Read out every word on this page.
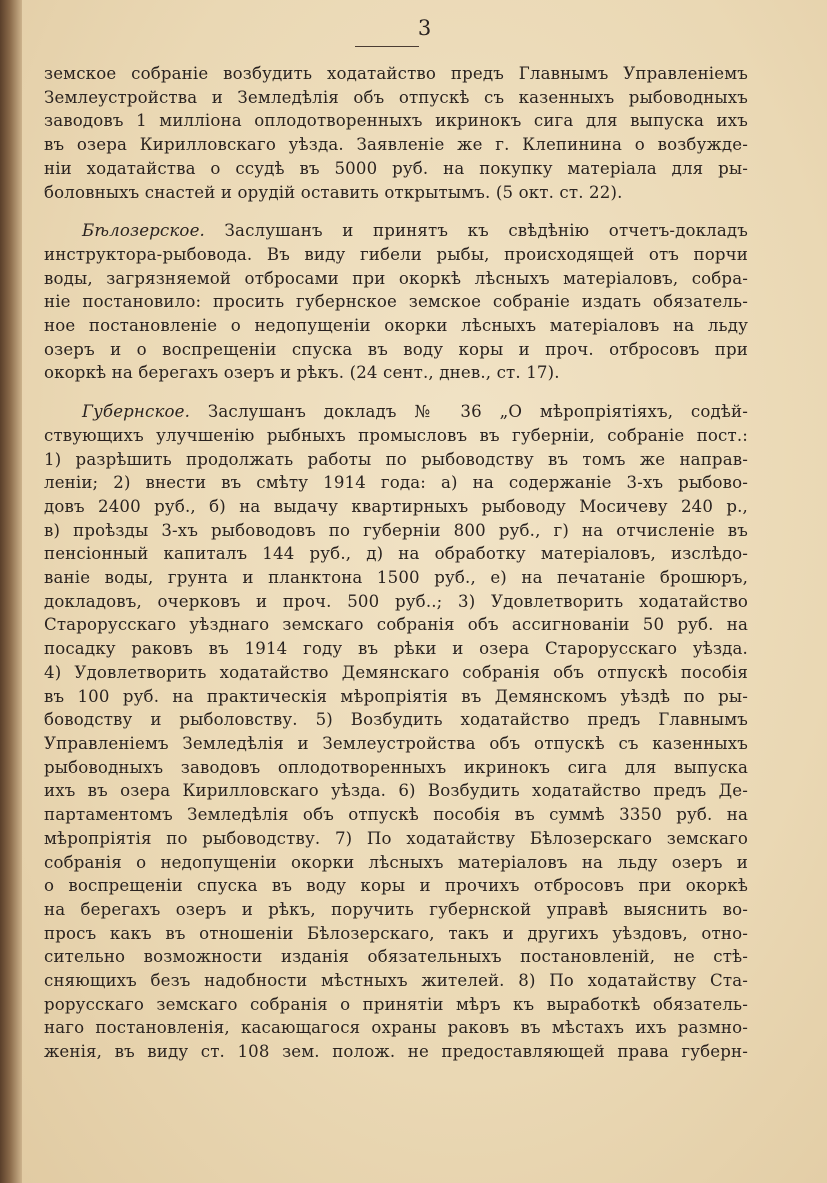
3
земское собраніе возбудить ходатайство предъ Главнымъ Управленіемъ
Землеустройства и Земледѣлія объ отпускѣ съ казенныхъ рыбоводныхъ
заводовъ 1 милліона оплодотворенныхъ икринокъ сига для выпуска ихъ
въ озера Кирилловскаго уѣзда. Заявленіе же г. Клепинина о возбужде-
ніи ходатайства о ссудѣ въ 5000 руб. на покупку матеріала для ры-
боловныхъ снастей и орудій оставить открытымъ. (5 окт. ст. 22).
Бѣлозерское. Заслушанъ и принятъ къ свѣдѣнію отчетъ-докладъ
инструктора-рыбовода. Въ виду гибели рыбы, происходящей отъ порчи
воды, загрязняемой отбросами при окоркѣ лѣсныхъ матеріаловъ, собра-
ніе постановило: просить губернское земское собраніе издать обязатель-
ное постановленіе о недопущеніи окорки лѣсныхъ матеріаловъ на льду
озеръ и о воспрещеніи спуска въ воду коры и проч. отбросовъ при
окоркѣ на берегахъ озеръ и рѣкъ. (24 сент., днев., ст. 17).
Губернское. Заслушанъ докладъ № 36 „О мѣропріятіяхъ, содѣй-
ствующихъ улучшенію рыбныхъ промысловъ въ губерніи, собраніе пост.:
1) разрѣшить продолжать работы по рыбоводству въ томъ же направ-
леніи; 2) внести въ смѣту 1914 года: а) на содержаніе 3-хъ рыбово-
довъ 2400 руб., б) на выдачу квартирныхъ рыбоводу Мосичеву 240 р.,
в) проѣзды 3-хъ рыбоводовъ по губерніи 800 руб., г) на отчисленіе въ
пенсіонный капиталъ 144 руб., д) на обработку матеріаловъ, изслѣдо-
ваніе воды, грунта и планктона 1500 руб., е) на печатаніе брошюръ,
докладовъ, очерковъ и проч. 500 руб..; 3) Удовлетворить ходатайство
Старорусскаго уѣзднаго земскаго собранія объ ассигнованіи 50 руб. на
посадку раковъ въ 1914 году въ рѣки и озера Старорусскаго уѣзда.
4) Удовлетворить ходатайство Демянскаго собранія объ отпускѣ пособія
въ 100 руб. на практическія мѣропріятія въ Демянскомъ уѣздѣ по ры-
боводству и рыболовству. 5) Возбудить ходатайство предъ Главнымъ
Управленіемъ Земледѣлія и Землеустройства объ отпускѣ съ казенныхъ
рыбоводныхъ заводовъ оплодотворенныхъ икринокъ сига для выпуска
ихъ въ озера Кирилловскаго уѣзда. 6) Возбудить ходатайство предъ Де-
партаментомъ Земледѣлія объ отпускѣ пособія въ суммѣ 3350 руб. на
мѣропріятія по рыбоводству. 7) По ходатайству Бѣлозерскаго земскаго
собранія о недопущеніи окорки лѣсныхъ матеріаловъ на льду озеръ и
о воспрещеніи спуска въ воду коры и прочихъ отбросовъ при окоркѣ
на берегахъ озеръ и рѣкъ, поручить губернской управѣ выяснить во-
просъ какъ въ отношеніи Бѣлозерскаго, такъ и другихъ уѣздовъ, отно-
сительно возможности изданія обязательныхъ постановленій, не стѣ-
сняющихъ безъ надобности мѣстныхъ жителей. 8) По ходатайству Ста-
рорусскаго земскаго собранія о принятіи мѣръ къ выработкѣ обязатель-
наго постановленія, касающагося охраны раковъ въ мѣстахъ ихъ размно-
женія, въ виду ст. 108 зем. полож. не предоставляющей права губерн-
